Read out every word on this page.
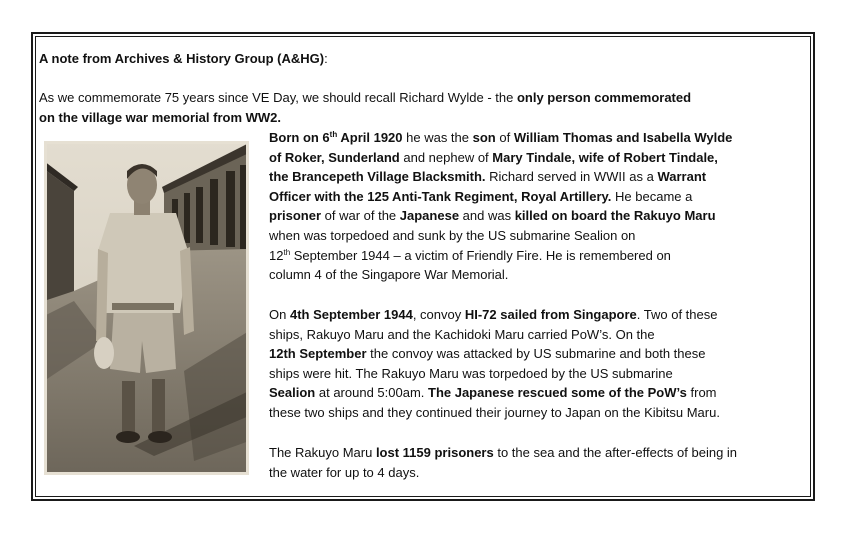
A note from Archives & History Group (A&HG):
As we commemorate 75 years since VE Day, we should recall Richard Wylde - the only person commemorated
on the village war memorial from WW2.
Born on 6th April 1920 he was the son of William Thomas and Isabella Wylde
of Roker, Sunderland and nephew of Mary Tindale, wife of Robert Tindale,
the Brancepeth Village Blacksmith. Richard served in WWII as a Warrant
Officer with the 125 Anti-Tank Regiment, Royal Artillery. He became a
prisoner of war of the Japanese and was killed on board the Rakuyo Maru
when was torpedoed and sunk by the US submarine Sealion on
12th September 1944 – a victim of Friendly Fire. He is remembered on
column 4 of the Singapore War Memorial.
On 4th September 1944, convoy HI-72 sailed from Singapore. Two of these
ships, Rakuyo Maru and the Kachidoki Maru carried PoW’s. On the
12th September the convoy was attacked by US submarine and both these
ships were hit. The Rakuyo Maru was torpedoed by the US submarine
Sealion at around 5:00am. The Japanese rescued some of the PoW’s from
these two ships and they continued their journey to Japan on the Kibitsu Maru.
The Rakuyo Maru lost 1159 prisoners to the sea and the after-effects of being in
the water for up to 4 days.
